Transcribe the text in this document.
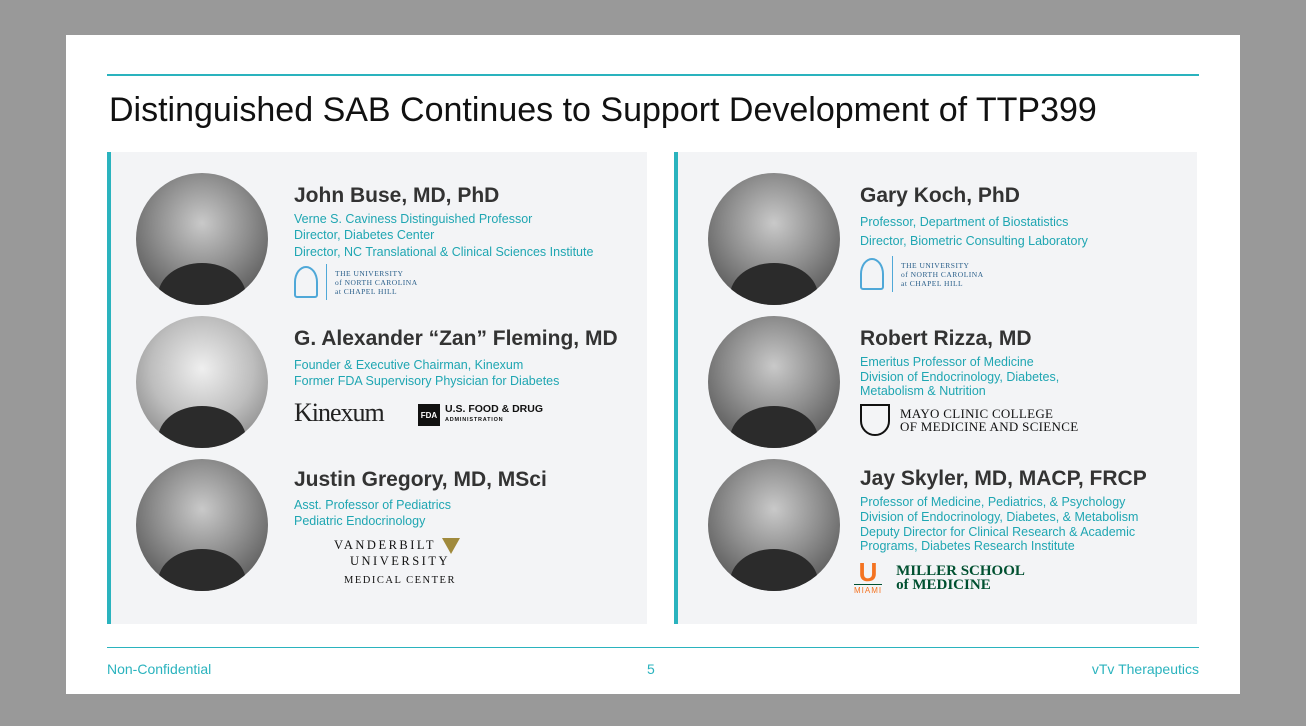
Distinguished SAB Continues to Support Development of TTP399
John Buse, MD, PhD
Verne S. Caviness Distinguished Professor
Director, Diabetes Center
Director, NC Translational & Clinical Sciences Institute
THE UNIVERSITY
of NORTH CAROLINA
at CHAPEL HILL
G. Alexander “Zan” Fleming, MD
Founder & Executive Chairman, Kinexum
Former FDA Supervisory Physician for Diabetes
Kinexum	FDA U.S. FOOD & DRUG
ADMINISTRATION
Justin Gregory, MD, MSci
Asst. Professor of Pediatrics
Pediatric Endocrinology
VANDERBILTUNIVERSITY
MEDICAL CENTER
Gary Koch, PhD
Professor, Department of Biostatistics
Director, Biometric Consulting Laboratory
THE UNIVERSITY
of NORTH CAROLINA
at CHAPEL HILL
Robert Rizza, MD
Emeritus Professor of Medicine
Division of Endocrinology, Diabetes,
Metabolism & Nutrition
MAYO CLINIC COLLEGE
OF MEDICINE AND SCIENCE
Jay Skyler, MD, MACP, FRCP
Professor of Medicine, Pediatrics, & Psychology
Division of Endocrinology, Diabetes, & Metabolism
Deputy Director for Clinical Research & Academic
Programs, Diabetes Research Institute
U
MIAMI
MILLER SCHOOL
of MEDICINE
Non-Confidential	5	vTv Therapeutics
